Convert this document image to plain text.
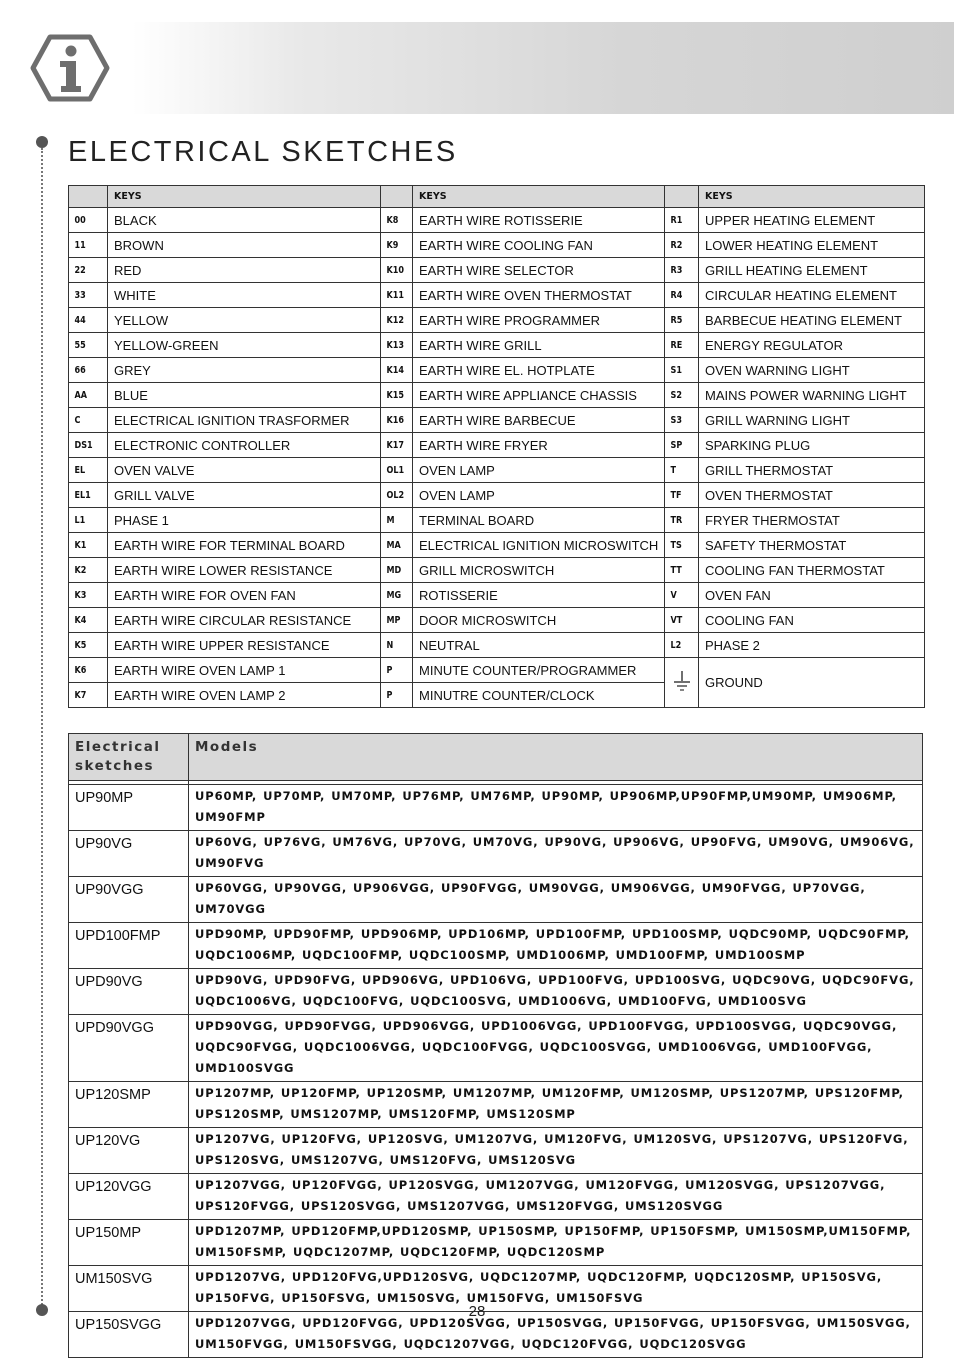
ELECTRICAL SKETCHES
	KEYS		KEYS		KEYS
00	BLACK	K8	EARTH WIRE ROTISSERIE	R1	UPPER HEATING ELEMENT
11	BROWN	K9	EARTH WIRE COOLING FAN	R2	LOWER HEATING ELEMENT
22	RED	K10	EARTH WIRE SELECTOR	R3	GRILL HEATING ELEMENT
33	WHITE	K11	EARTH WIRE OVEN THERMOSTAT	R4	CIRCULAR HEATING ELEMENT
44	YELLOW	K12	EARTH WIRE PROGRAMMER	R5	BARBECUE HEATING ELEMENT
55	YELLOW-GREEN	K13	EARTH WIRE GRILL	RE	ENERGY REGULATOR
66	GREY	K14	EARTH WIRE EL. HOTPLATE	S1	OVEN WARNING LIGHT
AA	BLUE	K15	EARTH WIRE APPLIANCE CHASSIS	S2	MAINS POWER WARNING LIGHT
C	ELECTRICAL IGNITION TRASFORMER	K16	EARTH WIRE BARBECUE	S3	GRILL WARNING LIGHT
DS1	ELECTRONIC CONTROLLER	K17	EARTH WIRE FRYER	SP	SPARKING PLUG
EL	OVEN VALVE	OL1	OVEN LAMP	T	GRILL THERMOSTAT
EL1	GRILL VALVE	OL2	OVEN LAMP	TF	OVEN THERMOSTAT
L1	PHASE 1	M	TERMINAL BOARD	TR	FRYER THERMOSTAT
K1	EARTH WIRE FOR TERMINAL BOARD	MA	ELECTRICAL IGNITION MICROSWITCH	TS	SAFETY THERMOSTAT
K2	EARTH WIRE LOWER RESISTANCE	MD	GRILL MICROSWITCH	TT	COOLING FAN THERMOSTAT
K3	EARTH WIRE FOR OVEN FAN	MG	ROTISSERIE	V	OVEN FAN
K4	EARTH WIRE CIRCULAR RESISTANCE	MP	DOOR MICROSWITCH	VT	COOLING FAN
K5	EARTH WIRE UPPER RESISTANCE	N	NEUTRAL	L2	PHASE 2
K6	EARTH WIRE OVEN LAMP 1	P	MINUTE COUNTER/PROGRAMMER		GROUND
K7	EARTH WIRE OVEN LAMP 2	P	MINUTRE COUNTER/CLOCK		
Electrical
sketches	Models

UP90MP	UP60MP, UP70MP, UM70MP, UP76MP, UM76MP, UP90MP, UP906MP,UP90FMP,UM90MP, UM906MP, UM90FMP
UP90VG	UP60VG, UP76VG, UM76VG, UP70VG, UM70VG, UP90VG, UP906VG, UP90FVG, UM90VG, UM906VG, UM90FVG
UP90VGG	UP60VGG, UP90VGG, UP906VGG, UP90FVGG, UM90VGG, UM906VGG, UM90FVGG, UP70VGG, UM70VGG
UPD100FMP	UPD90MP, UPD90FMP, UPD906MP, UPD106MP, UPD100FMP, UPD100SMP, UQDC90MP, UQDC90FMP, UQDC1006MP, UQDC100FMP, UQDC100SMP, UMD1006MP, UMD100FMP, UMD100SMP
UPD90VG	UPD90VG, UPD90FVG, UPD906VG, UPD106VG, UPD100FVG, UPD100SVG, UQDC90VG, UQDC90FVG, UQDC1006VG, UQDC100FVG, UQDC100SVG, UMD1006VG, UMD100FVG, UMD100SVG
UPD90VGG	UPD90VGG, UPD90FVGG, UPD906VGG, UPD1006VGG, UPD100FVGG, UPD100SVGG, UQDC90VGG, UQDC90FVGG, UQDC1006VGG, UQDC100FVGG, UQDC100SVGG, UMD1006VGG, UMD100FVGG, UMD100SVGG
UP120SMP	UP1207MP, UP120FMP, UP120SMP, UM1207MP, UM120FMP, UM120SMP, UPS1207MP, UPS120FMP, UPS120SMP, UMS1207MP, UMS120FMP, UMS120SMP
UP120VG	UP1207VG, UP120FVG, UP120SVG, UM1207VG, UM120FVG, UM120SVG, UPS1207VG, UPS120FVG, UPS120SVG, UMS1207VG, UMS120FVG, UMS120SVG
UP120VGG	UP1207VGG, UP120FVGG, UP120SVGG, UM1207VGG, UM120FVGG, UM120SVGG, UPS1207VGG, UPS120FVGG, UPS120SVGG, UMS1207VGG, UMS120FVGG, UMS120SVGG
UP150MP	UPD1207MP, UPD120FMP,UPD120SMP, UP150SMP, UP150FMP, UP150FSMP, UM150SMP,UM150FMP, UM150FSMP, UQDC1207MP, UQDC120FMP, UQDC120SMP
UM150SVG	UPD1207VG, UPD120FVG,UPD120SVG, UQDC1207MP, UQDC120FMP, UQDC120SMP, UP150SVG, UP150FVG, UP150FSVG, UM150SVG, UM150FVG, UM150FSVG
UP150SVGG	UPD1207VGG, UPD120FVGG, UPD120SVGG, UP150SVGG, UP150FVGG, UP150FSVGG, UM150SVGG, UM150FVGG, UM150FSVGG, UQDC1207VGG, UQDC120FVGG, UQDC120SVGG
28
